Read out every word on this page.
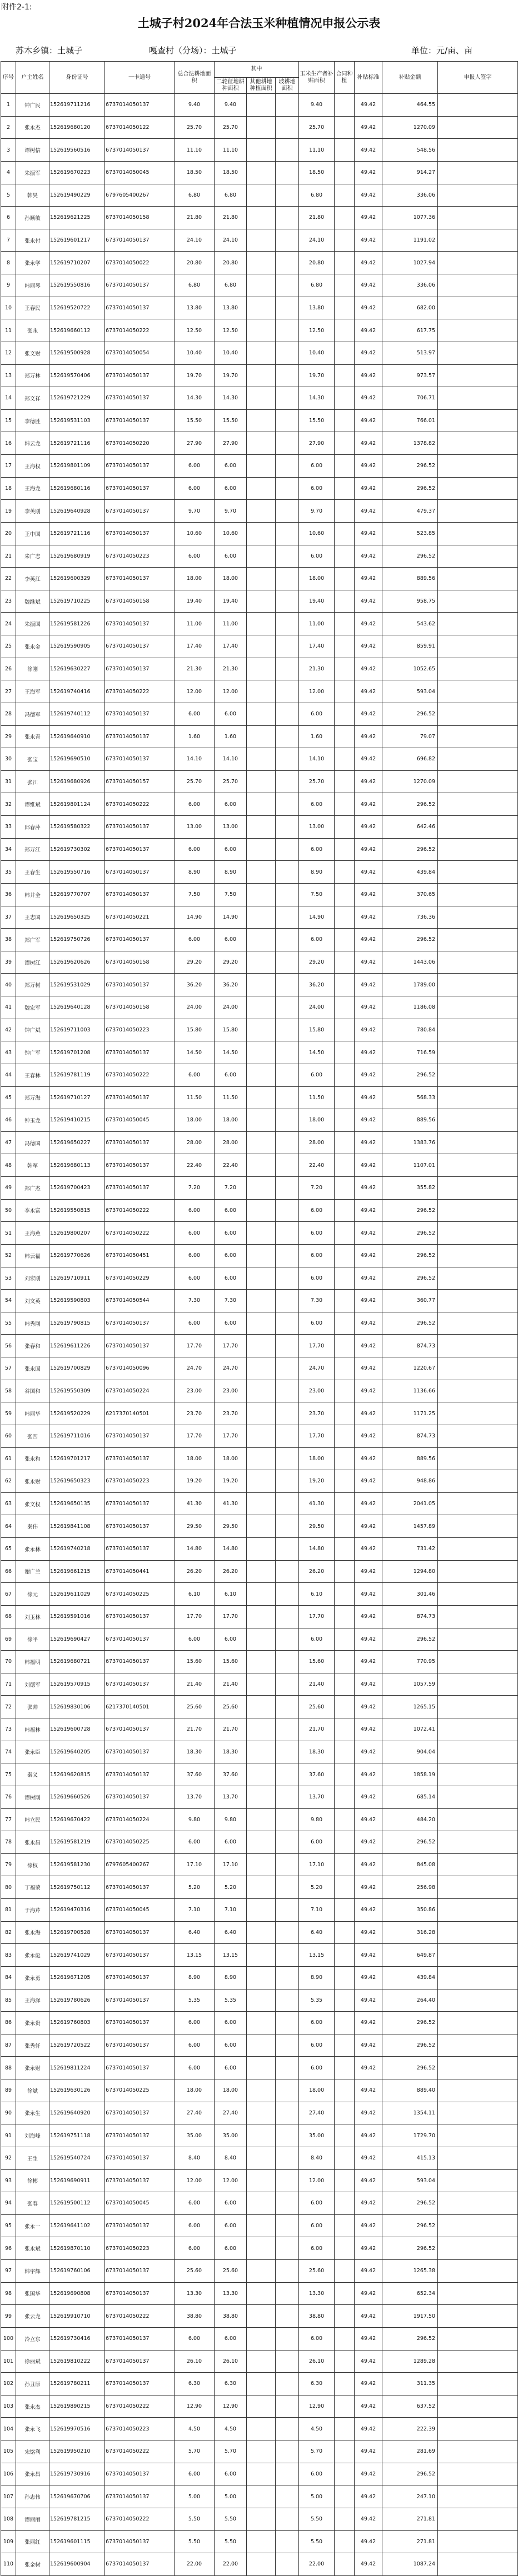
附件2-1:
土城子村2024年合法玉米种植情况申报公示表
苏木乡镇：土城子	嘎查村（分场）：土城子	单位：元/亩、亩
序号	户主姓名	身份证号	一卡通号	总合法耕地面积	其中			玉米生产者补贴面积	合同种植	补贴标准	补贴金额	申报人签字
					二轮征地耕种面积	其他耕地种植面积	坡耕地面积					
1	钟广民	152619711216	6737014050137	9.40	9.40			9.40		49.42	464.55	
2	张永杰	152619680120	6737014050122	25.70	25.70			25.70		49.42	1270.09	
3	谭树信	152619560516	6737014050137	11.10	11.10			11.10		49.42	548.56	
4	朱振军	152619670223	6737014050045	18.50	18.50			18.50		49.42	914.27	
5	韩昊	152619490229	6797605400267	6.80	6.80			6.80		49.42	336.06	
6	孙顺敏	152619621225	6737014050158	21.80	21.80			21.80		49.42	1077.36	
7	张永付	152619601217	6737014050137	24.10	24.10			24.10		49.42	1191.02	
8	张永学	152619710207	6737014050022	20.80	20.80			20.80		49.42	1027.94	
9	韩丽琴	152619550816	6737014050137	6.80	6.80			6.80		49.42	336.06	
10	王春民	152619520722	6737014050137	13.80	13.80			13.80		49.42	682.00	
11	张永	152619660112	6737014050222	12.50	12.50			12.50		49.42	617.75	
12	张文财	152619500928	6737014050054	10.40	10.40			10.40		49.42	513.97	
13	郑万林	152619570406	6737014050137	19.70	19.70			19.70		49.42	973.57	
14	郑文祥	152619721229	6737014050137	14.30	14.30			14.30		49.42	706.71	
15	李德胜	152619531103	6737014050137	15.50	15.50			15.50		49.42	766.01	
16	韩云龙	152619721116	6737014050220	27.90	27.90			27.90		49.42	1378.82	
17	王海权	152619801109	6737014050137	6.00	6.00			6.00		49.42	296.52	
18	王海龙	152619680116	6737014050137	6.00	6.00			6.00		49.42	296.52	
19	李英刚	152619640928	6737014050137	9.70	9.70			9.70		49.42	479.37	
20	王中国	152619721116	6737014050137	10.60	10.60			10.60		49.42	523.85	
21	朱广志	152619680919	6737014050223	6.00	6.00			6.00		49.42	296.52	
22	李英江	152619600329	6737014050137	18.00	18.00			18.00		49.42	889.56	
23	魏继斌	152619710225	6737014050158	19.40	19.40			19.40		49.42	958.75	
24	朱振国	152619581226	6737014050137	11.00	11.00			11.00		49.42	543.62	
25	张永金	152619590905	6737014050137	17.40	17.40			17.40		49.42	859.91	
26	徐刚	152619630227	6737014050137	21.30	21.30			21.30		49.42	1052.65	
27	王海军	152619740416	6737014050222	12.00	12.00			12.00		49.42	593.04	
28	冯德军	152619740112	6737014050137	6.00	6.00			6.00		49.42	296.52	
29	张永青	152619640910	6737014050137	1.60	1.60			1.60		49.42	79.07	
30	张宝	152619690510	6737014050137	14.10	14.10			14.10		49.42	696.82	
31	张江	152619680926	6737014050157	25.70	25.70			25.70		49.42	1270.09	
32	谭维斌	152619801124	6737014050222	6.00	6.00			6.00		49.42	296.52	
33	邱春萍	152619580322	6737014050137	13.00	13.00			13.00		49.42	642.46	
34	郑万江	152619730302	6737014050137	6.00	6.00			6.00		49.42	296.52	
35	王春生	152619550716	6737014050137	8.90	8.90			8.90		49.42	439.84	
36	韩井全	152619770707	6737014050137	7.50	7.50			7.50		49.42	370.65	
37	王志国	152619650325	6737014050221	14.90	14.90			14.90		49.42	736.36	
38	郑广军	152619750726	6737014050137	6.00	6.00			6.00		49.42	296.52	
39	谭树江	152619620626	6737014050158	29.20	29.20			29.20		49.42	1443.06	
40	郑万树	152619531029	6737014050137	36.20	36.20			36.20		49.42	1789.00	
41	魏宏军	152619640128	6737014050158	24.00	24.00			24.00		49.42	1186.08	
42	钟广斌	152619711003	6737014050223	15.80	15.80			15.80		49.42	780.84	
43	钟广军	152619701208	6737014050137	14.50	14.50			14.50		49.42	716.59	
44	王春林	152619781119	6737014050222	6.00	6.00			6.00		49.42	296.52	
45	郑万海	152619710127	6737014050137	11.50	11.50			11.50		49.42	568.33	
46	钟玉龙	152619410215	6737014050045	18.00	18.00			18.00		49.42	889.56	
47	冯德国	152619650227	6737014050137	28.00	28.00			28.00		49.42	1383.76	
48	韩军	152619680113	6737014050137	22.40	22.40			22.40		49.42	1107.01	
49	郑广杰	152619700423	6737014050137	7.20	7.20			7.20		49.42	355.82	
50	李永富	152619550815	6737014050222	6.00	6.00			6.00		49.42	296.52	
51	王海燕	152619800207	6737014050222	6.00	6.00			6.00		49.42	296.52	
52	韩云福	152619770626	6737014050451	6.00	6.00			6.00		49.42	296.52	
53	刘宏刚	152619710911	6737014050229	6.00	6.00			6.00		49.42	296.52	
54	刘文英	152619590803	6737014050544	7.30	7.30			7.30		49.42	360.77	
55	韩秀刚	152619790815	6737014050137	6.00	6.00			6.00		49.42	296.52	
56	张春和	152619611226	6737014050137	17.70	17.70			17.70		49.42	874.73	
57	张永国	152619700829	6737014050096	24.70	24.70			24.70		49.42	1220.67	
58	谷国和	152619550309	6737014050224	23.00	23.00			23.00		49.42	1136.66	
59	韩丽华	152619520229	6217370140501	23.70	23.70			23.70		49.42	1171.25	
60	张四	152619711016	6737014050137	17.70	17.70			17.70		49.42	874.73	
61	张永和	152619701217	6737014050137	18.00	18.00			18.00		49.42	889.56	
62	张永财	152619650323	6737014050223	19.20	19.20			19.20		49.42	948.86	
63	张文权	152619650135	6737014050137	41.30	41.30			41.30		49.42	2041.05	
64	秦伟	152619841108	6737014050137	29.50	29.50			29.50		49.42	1457.89	
65	张永林	152619740218	6737014050137	14.80	14.80			14.80		49.42	731.42	
66	谢广兰	152619661215	6737014050441	26.20	26.20			26.20		49.42	1294.80	
67	徐元	152619611029	6737014050225	6.10	6.10			6.10		49.42	301.46	
68	刘玉林	152619591016	6737014050137	17.70	17.70			17.70		49.42	874.73	
69	徐平	152619690427	6737014050137	6.00	6.00			6.00		49.42	296.52	
70	韩福明	152619680721	6737014050137	15.60	15.60			15.60		49.42	770.95	
71	刘德军	152619570915	6737014050137	21.40	21.40			21.40		49.42	1057.59	
72	张帅	152619830106	6217370140501	25.60	25.60			25.60		49.42	1265.15	
73	韩福林	152619600728	6737014050137	21.70	21.70			21.70		49.42	1072.41	
74	张永臣	152619640205	6737014050137	18.30	18.30			18.30		49.42	904.04	
75	秦义	152619620815	6737014050137	37.60	37.60			37.60		49.42	1858.19	
76	谭树刚	152619660526	6737014050137	13.70	13.70			13.70		49.42	685.14	
77	韩立民	152619670422	6737014050224	9.80	9.80			9.80		49.42	484.20	
78	张永昌	152619581219	6737014050225	6.00	6.00			6.00		49.42	296.52	
79	徐权	152619581230	6797605400267	17.10	17.10			17.10		49.42	845.08	
80	丁福荣	152619750112	6737014050137	5.20	5.20			5.20		49.42	256.98	
81	于海芹	152619470316	6737014050045	7.10	7.10			7.10		49.42	350.86	
82	张永海	152619700528	6737014050137	6.40	6.40			6.40		49.42	316.28	
83	张永彪	152619741029	6737014050137	13.15	13.15			13.15		49.42	649.87	
84	张永勇	152619671205	6737014050137	8.90	8.90			8.90		49.42	439.84	
85	王海泽	152619780626	6737014050137	5.35	5.35			5.35		49.42	264.40	
86	张永贵	152619760803	6737014050137	6.00	6.00			6.00		49.42	296.52	
87	张秀轩	152619720522	6737014050137	6.00	6.00			6.00		49.42	296.52	
88	张永财	152619811224	6737014050137	6.00	6.00			6.00		49.42	296.52	
89	徐斌	152619630126	6737014050225	18.00	18.00			18.00		49.42	889.40	
90	张永生	152619640920	6737014050137	27.40	27.40			27.40		49.42	1354.11	
91	刘海峰	152619751118	6737014050137	35.00	35.00			35.00		49.42	1729.70	
92	王生	152619540724	6737014050137	8.40	8.40			8.40		49.42	415.13	
93	徐彬	152619690911	6737014050137	12.00	12.00			12.00		49.42	593.04	
94	张春	152619500112	6737014050045	6.00	6.00			6.00		49.42	296.52	
95	张永一	152619641102	6737014050137	6.00	6.00			6.00		49.42	296.52	
96	张永斌	152619870110	6737014050223	6.00	6.00			6.00		49.42	296.52	
97	韩宇辉	152619760106	6737014050137	25.60	25.60			25.60		49.42	1265.38	
98	张国华	152619690808	6737014050137	13.30	13.30			13.30		49.42	652.34	
99	张云龙	152619910710	6737014050222	38.80	38.80			38.80		49.42	1917.50	
100	冷立东	152619730416	6737014050137	6.00	6.00			6.00		49.42	296.52	
101	徐丽斌	152619810222	6737014050137	26.10	26.10			26.10		49.42	1289.28	
102	孙丑原	152619780211	6737014050137	6.30	6.30			6.30		49.42	311.35	
103	张永杰	152619890215	6737014050222	12.90	12.90			12.90		49.42	637.52	
104	张永飞	152619970516	6737014050223	4.50	4.50			4.50		49.42	222.39	
105	宋铭利	152619950210	6737014050222	5.70	5.70			5.70		49.42	281.69	
106	张永昌	152619730916	6737014050137	6.00	6.00			6.00		49.42	296.52	
107	孙志伟	152619670706	6737014050137	5.00	5.00			5.00		49.42	247.10	
108	谭丽丽	152619781215	6737014050222	5.50	5.50			5.50		49.42	271.81	
109	张丽红	152619601115	6737014050137	5.50	5.50			5.50		49.42	271.81	
110	张金树	152619600904	6737014050137	22.00	22.00			22.00		49.42	1087.24	
